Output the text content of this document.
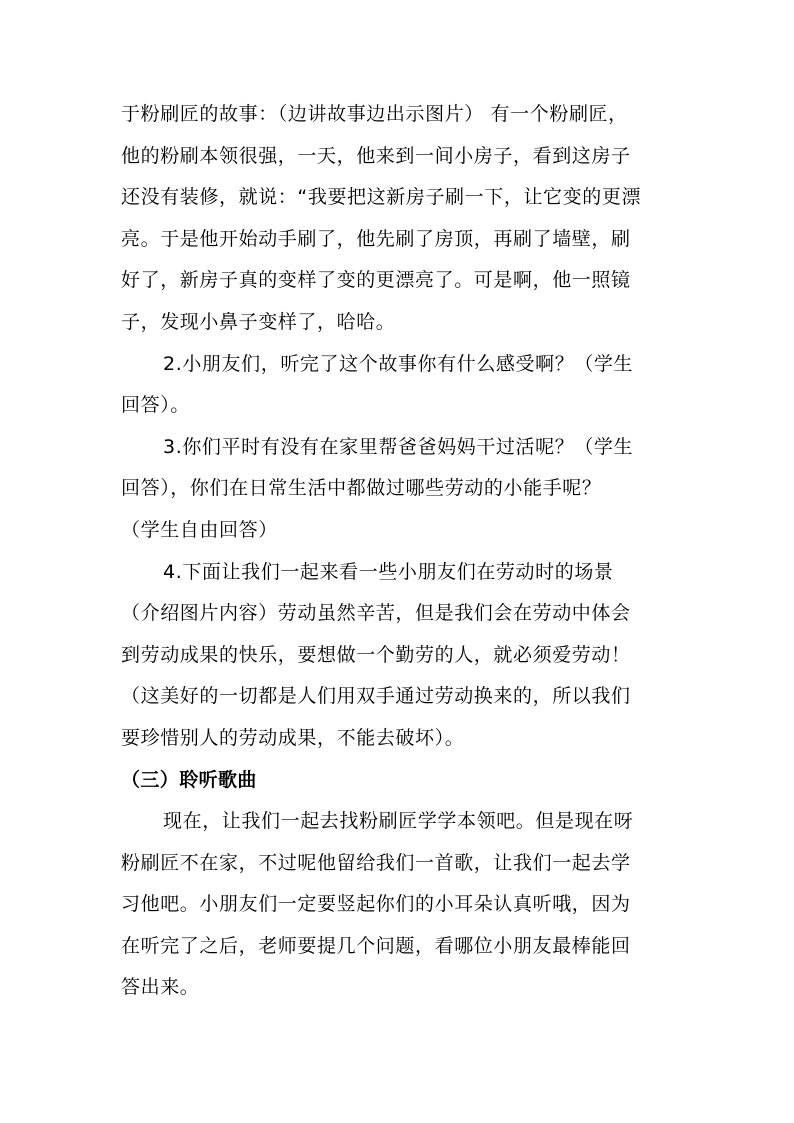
于粉刷匠的故事：（边讲故事边出示图片） 有一个粉刷匠，
他的粉刷本领很强，一天，他来到一间小房子，看到这房子
还没有装修，就说：“我要把这新房子刷一下，让它变的更漂
亮。于是他开始动手刷了，他先刷了房顶，再刷了墙壁，刷
好了，新房子真的变样了变的更漂亮了。可是啊，他一照镜
子，发现小鼻子变样了，哈哈。
2.小朋友们，听完了这个故事你有什么感受啊？（学生
回答）。
3.你们平时有没有在家里帮爸爸妈妈干过活呢？（学生
回答），你们在日常生活中都做过哪些劳动的小能手呢？
（学生自由回答）
4.下面让我们一起来看一些小朋友们在劳动时的场景
（介绍图片内容）劳动虽然辛苦，但是我们会在劳动中体会
到劳动成果的快乐，要想做一个勤劳的人，就必须爱劳动！
（这美好的一切都是人们用双手通过劳动换来的，所以我们
要珍惜别人的劳动成果，不能去破坏）。
（三）聆听歌曲
现在，让我们一起去找粉刷匠学学本领吧。但是现在呀
粉刷匠不在家，不过呢他留给我们一首歌，让我们一起去学
习他吧。小朋友们一定要竖起你们的小耳朵认真听哦，因为
在听完了之后，老师要提几个问题，看哪位小朋友最棒能回
答出来。
